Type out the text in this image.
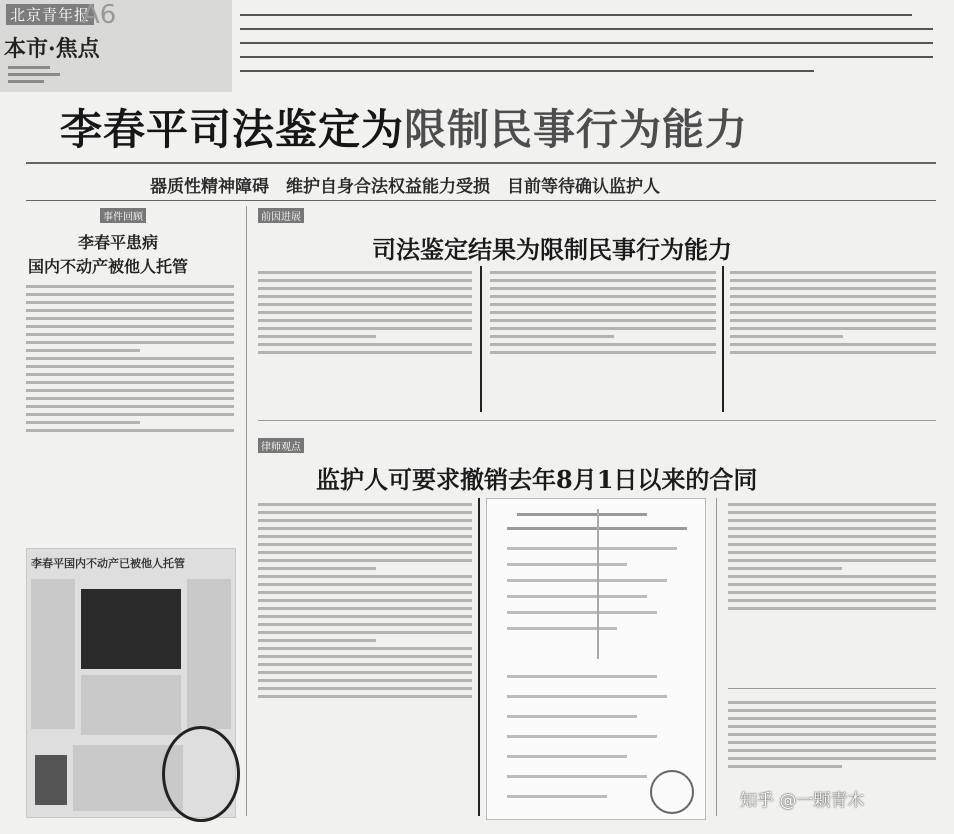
北京青年报
A6
本市·焦点
李春平司法鉴定为限制民事行为能力
器质性精神障碍　维护自身合法权益能力受损　目前等待确认监护人
事件回顾
李春平患病
国内不动产被他人托管
李春平国内不动产已被他人托管
前因进展
司法鉴定结果为限制民事行为能力
律师观点
监护人可要求撤销去年8月1日以来的合同
知乎 @一颗青木
